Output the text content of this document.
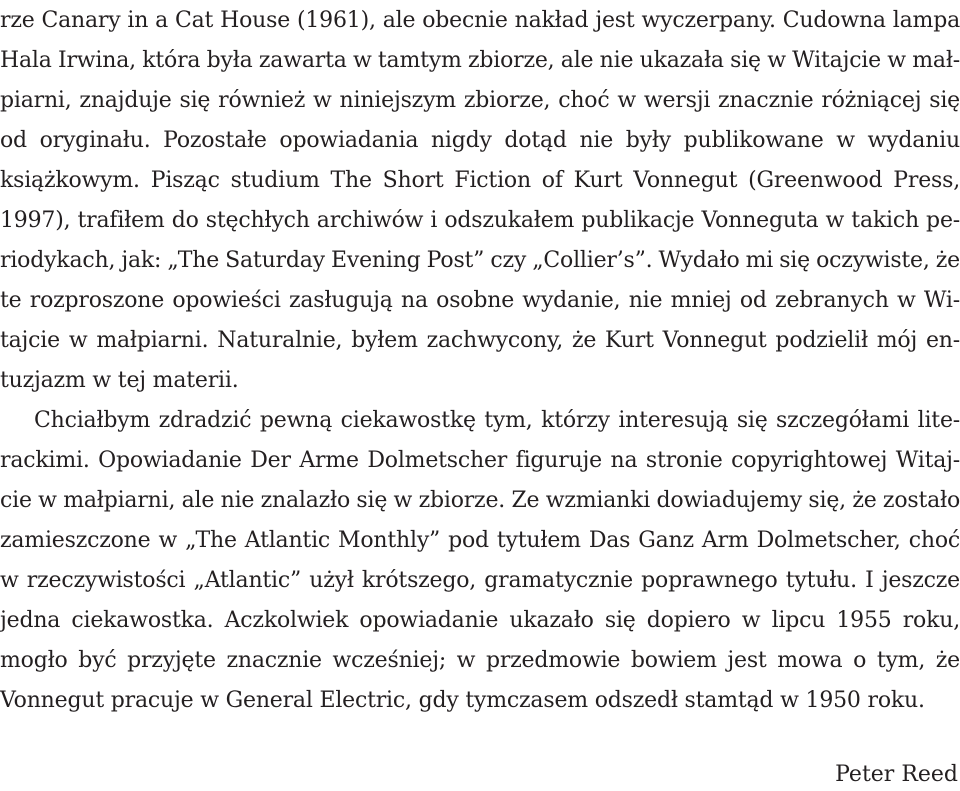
rze Canary in a Cat House (1961), ale obecnie nakład jest wyczerpany. Cudowna lampa
Hala Irwina, która była zawarta w tamtym zbiorze, ale nie ukazała się w Witajcie w mał-
piarni, znajduje się również w niniejszym zbiorze, choć w wersji znacznie różniącej się
od oryginału. Pozostałe opowiadania nigdy dotąd nie były publikowane w wydaniu
książkowym. Pisząc studium The Short Fiction of Kurt Vonnegut (Greenwood Press,
1997), trafiłem do stęchłych archiwów i odszukałem publikacje Vonneguta w takich pe-
riodykach, jak: „The Saturday Evening Post” czy „Collier’s”. Wydało mi się oczywiste, że
te rozproszone opowieści zasługują na osobne wydanie, nie mniej od zebranych w Wi-
tajcie w małpiarni. Naturalnie, byłem zachwycony, że Kurt Vonnegut podzielił mój en-
tuzjazm w tej materii.
Chciałbym zdradzić pewną ciekawostkę tym, którzy interesują się szczegółami lite-
rackimi. Opowiadanie Der Arme Dolmetscher figuruje na stronie copyrightowej Witaj-
cie w małpiarni, ale nie znalazło się w zbiorze. Ze wzmianki dowiadujemy się, że zostało
zamieszczone w „The Atlantic Monthly” pod tytułem Das Ganz Arm Dolmetscher, choć
w rzeczywistości „Atlantic” użył krótszego, gramatycznie poprawnego tytułu. I jeszcze
jedna ciekawostka. Aczkolwiek opowiadanie ukazało się dopiero w lipcu 1955 roku,
mogło być przyjęte znacznie wcześniej; w przedmowie bowiem jest mowa o tym, że
Vonnegut pracuje w General Electric, gdy tymczasem odszedł stamtąd w 1950 roku.
Peter Reed
